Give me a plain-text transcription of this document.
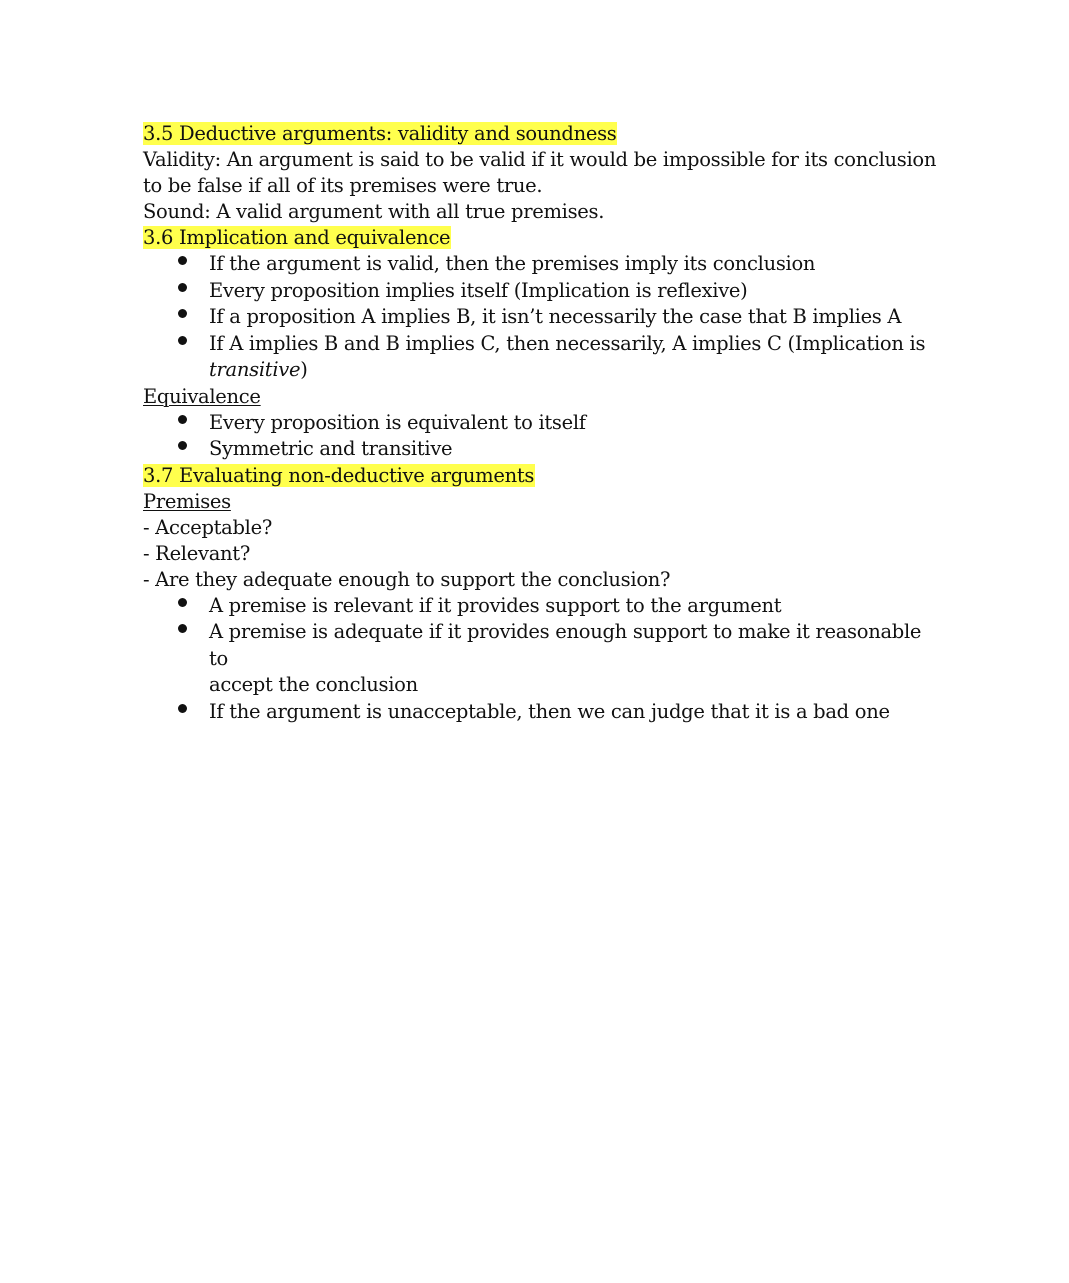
3.5 Deductive arguments: validity and soundness

Validity: An argument is said to be valid if it would be impossible for its conclusion

to be false if all of its premises were true.

Sound: A valid argument with all true premises.

3.6 Implication and equivalence

If the argument is valid, then the premises imply its conclusion
Every proposition implies itself (Implication is reflexive)
If a proposition A implies B, it isn’t necessarily the case that B implies A
If A implies B and B implies C, then necessarily, A implies C (Implication is
transitive)

Equivalence

Every proposition is equivalent to itself
Symmetric and transitive

3.7 Evaluating non-deductive arguments

Premises

- Acceptable?

- Relevant?

- Are they adequate enough to support the conclusion?

A premise is relevant if it provides support to the argument
A premise is adequate if it provides enough support to make it reasonable to
accept the conclusion
If the argument is unacceptable, then we can judge that it is a bad one
